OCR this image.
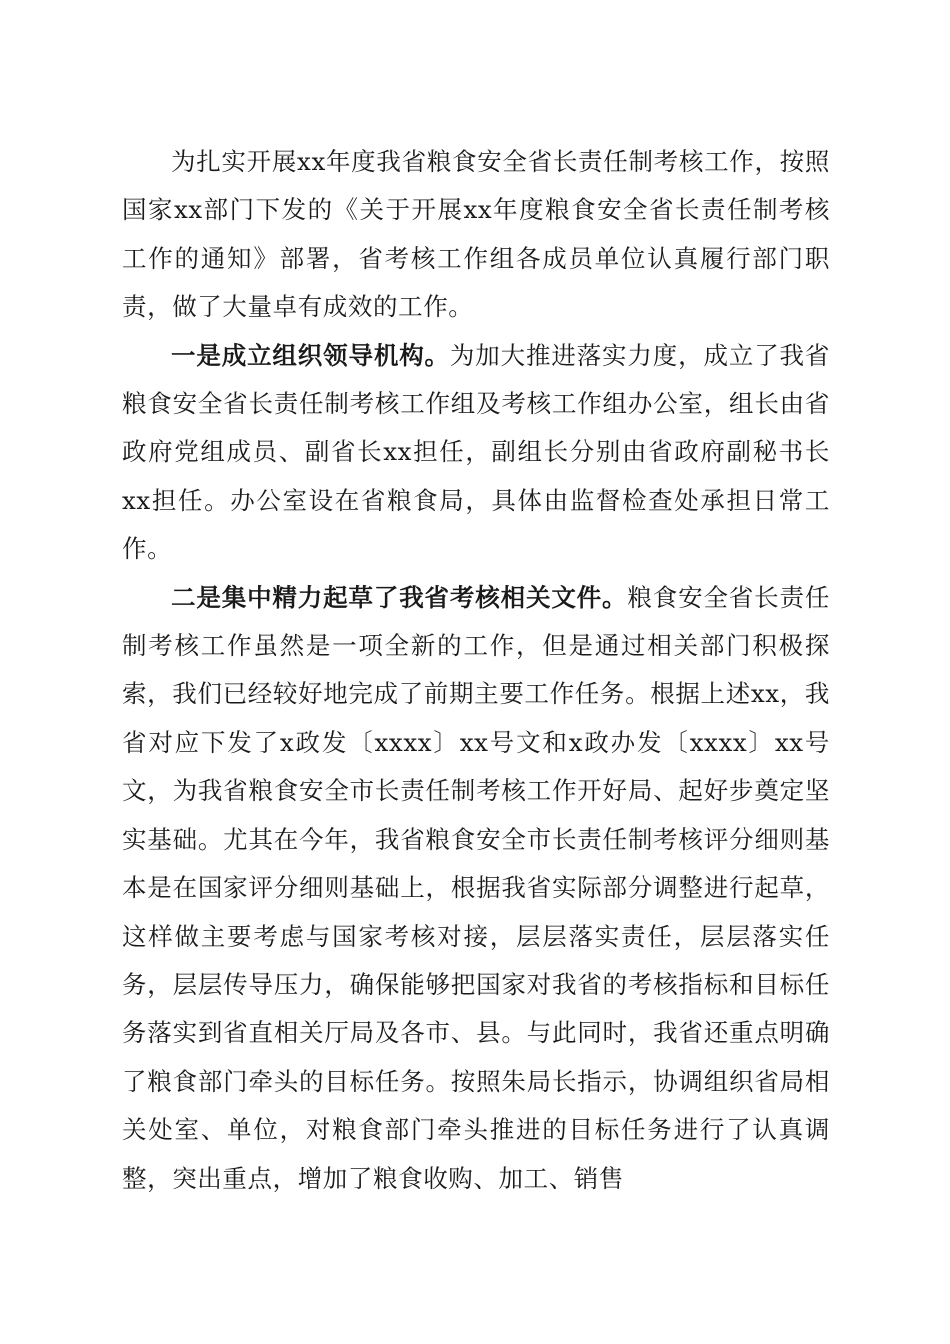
为扎实开展xx年度我省粮食安全省长责任制考核工作，按照国家xx部门下发的《关于开展xx年度粮食安全省长责任制考核工作的通知》部署，省考核工作组各成员单位认真履行部门职责，做了大量卓有成效的工作。

一是成立组织领导机构。为加大推进落实力度，成立了我省粮食安全省长责任制考核工作组及考核工作组办公室，组长由省政府党组成员、副省长xx担任，副组长分别由省政府副秘书长xx担任。办公室设在省粮食局，具体由监督检查处承担日常工作。

二是集中精力起草了我省考核相关文件。粮食安全省长责任制考核工作虽然是一项全新的工作，但是通过相关部门积极探索，我们已经较好地完成了前期主要工作任务。根据上述xx，我省对应下发了x政发〔xxxx〕xx号文和x政办发〔xxxx〕xx号文，为我省粮食安全市长责任制考核工作开好局、起好步奠定坚实基础。尤其在今年，我省粮食安全市长责任制考核评分细则基本是在国家评分细则基础上，根据我省实际部分调整进行起草，这样做主要考虑与国家考核对接，层层落实责任，层层落实任务，层层传导压力，确保能够把国家对我省的考核指标和目标任务落实到省直相关厅局及各市、县。与此同时，我省还重点明确了粮食部门牵头的目标任务。按照朱局长指示，协调组织省局相关处室、单位，对粮食部门牵头推进的目标任务进行了认真调整，突出重点，增加了粮食收购、加工、销售
